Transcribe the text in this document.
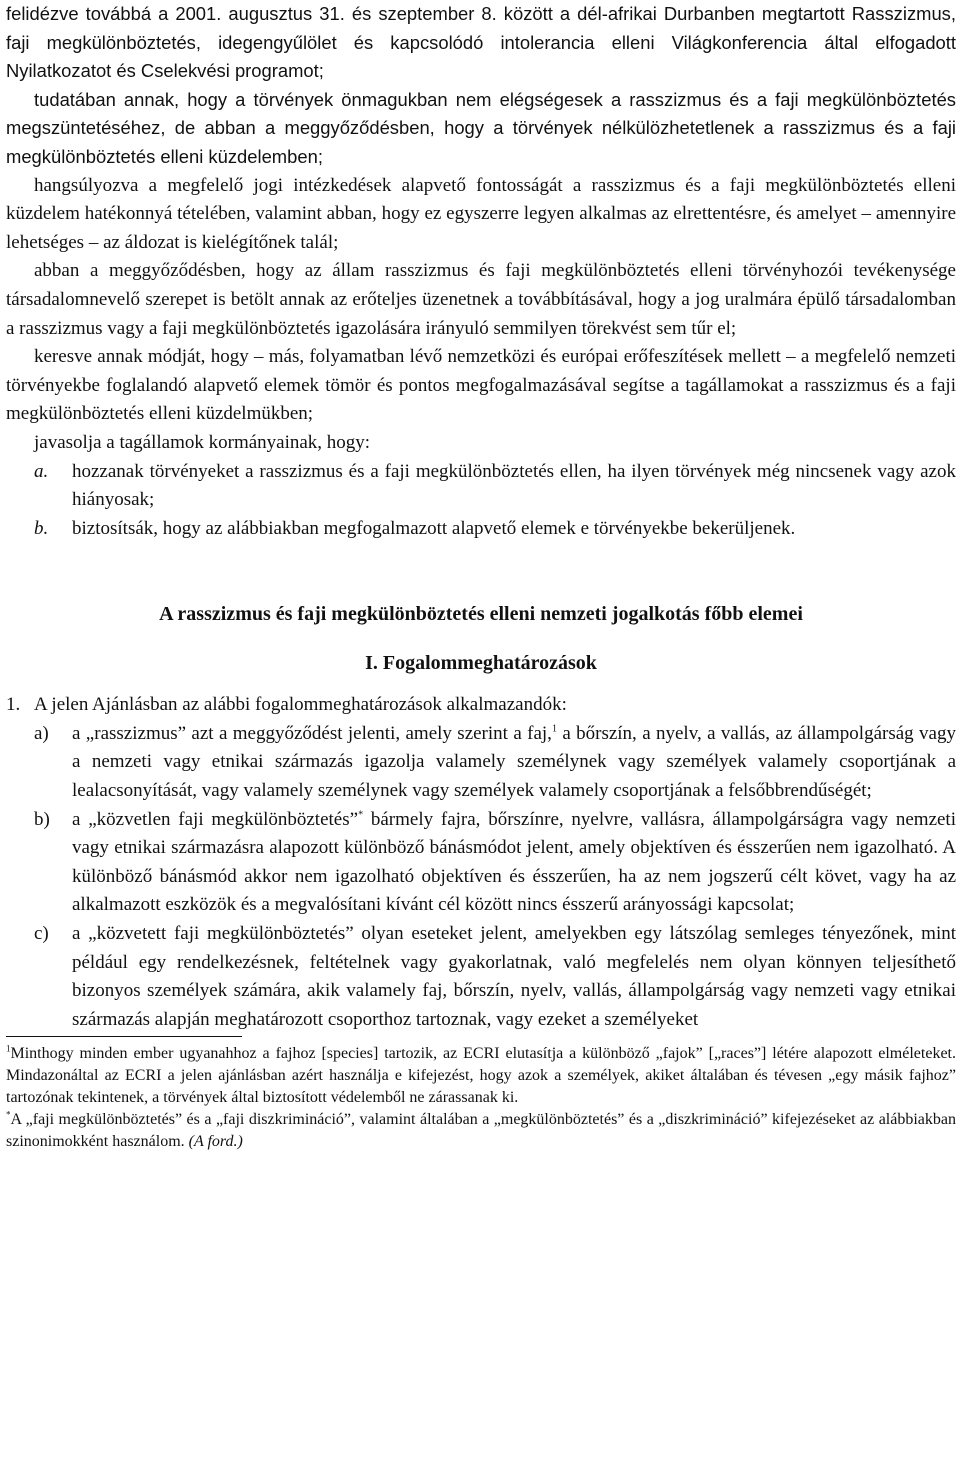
felidézve továbbá a 2001. augusztus 31. és szeptember 8. között a dél-afrikai Durbanben megtartott Rasszizmus, faji megkülönböztetés, idegengyűlölet és kapcsolódó intolerancia elleni Világkonferencia által elfogadott Nyilatkozatot és Cselekvési programot;

tudatában annak, hogy a törvények önmagukban nem elégségesek a rasszizmus és a faji megkülönböztetés megszüntetéséhez, de abban a meggyőződésben, hogy a törvények nélkülözhetetlenek a rasszizmus és a faji megkülönböztetés elleni küzdelemben;

hangsúlyozva a megfelelő jogi intézkedések alapvető fontosságát a rasszizmus és a faji megkülönböztetés elleni küzdelem hatékonnyá tételében, valamint abban, hogy ez egyszerre legyen alkalmas az elrettentésre, és amelyet – amennyire lehetséges – az áldozat is kielégítőnek talál;

abban a meggyőződésben, hogy az állam rasszizmus és faji megkülönböztetés elleni törvényhozói tevékenysége társadalomnevelő szerepet is betölt annak az erőteljes üzenetnek a továbbításával, hogy a jog uralmára épülő társadalomban a rasszizmus vagy a faji megkülönböztetés igazolására irányuló semmilyen törekvést sem tűr el;

keresve annak módját, hogy – más, folyamatban lévő nemzetközi és európai erőfeszítések mellett – a megfelelő nemzeti törvényekbe foglalandó alapvető elemek tömör és pontos megfogalmazásával segítse a tagállamokat a rasszizmus és a faji megkülönböztetés elleni küzdelmükben;

javasolja a tagállamok kormányainak, hogy:

a.	hozzanak törvényeket a rasszizmus és a faji megkülönböztetés ellen, ha ilyen törvények még nincsenek vagy azok hiányosak;
b.	biztosítsák, hogy az alábbiakban megfogalmazott alapvető elemek e törvényekbe bekerüljenek.

A rasszizmus és faji megkülönböztetés elleni nemzeti jogalkotás főbb elemei

I. Fogalommeghatározások

1. A jelen Ajánlásban az alábbi fogalommeghatározások alkalmazandók:
a)	a „rasszizmus” azt a meggyőződést jelenti, amely szerint a faj,$^1$ a bőrszín, a nyelv, a vallás, az állampolgárság vagy a nemzeti vagy etnikai származás igazolja valamely személynek vagy személyek valamely csoportjának a lealacsonyítását, vagy valamely személynek vagy személyek valamely csoportjának a felsőbbrendűségét;
b)	a „közvetlen faji megkülönböztetés”* bármely fajra, bőrszínre, nyelvre, vallásra, állampolgárságra vagy nemzeti vagy etnikai származásra alapozott különböző bánásmódot jelent, amely objektíven és ésszerűen nem igazolható. A különböző bánásmód akkor nem igazolható objektíven és ésszerűen, ha az nem jogszerű célt követ, vagy ha az alkalmazott eszközök és a megvalósítani kívánt cél között nincs ésszerű arányossági kapcsolat;
c)	a „közvetett faji megkülönböztetés” olyan eseteket jelent, amelyekben egy látszólag semleges tényezőnek, mint például egy rendelkezésnek, feltételnek vagy gyakorlatnak, való megfelelés nem olyan könnyen teljesíthető bizonyos személyek számára, akik valamely faj, bőrszín, nyelv, vallás, állampolgárság vagy nemzeti vagy etnikai származás alapján meghatározott csoporthoz tartoznak, vagy ezeket a személyeket

$^1$Minthogy minden ember ugyanahhoz a fajhoz [species] tartozik, az ECRI elutasítja a különböző „fajok” [„races”] létére alapozott elméleteket. Mindazonáltal az ECRI a jelen ajánlásban azért használja e kifejezést, hogy azok a személyek, akiket általában és tévesen „egy másik fajhoz” tartozónak tekintenek, a törvények által biztosított védelemből ne zárassanak ki.

*A „faji megkülönböztetés” és a „faji diszkrimináció”, valamint általában a „megkülönböztetés” és a „diszkrimináció” kifejezéseket az alábbiakban szinonimokként használom. (A ford.)
